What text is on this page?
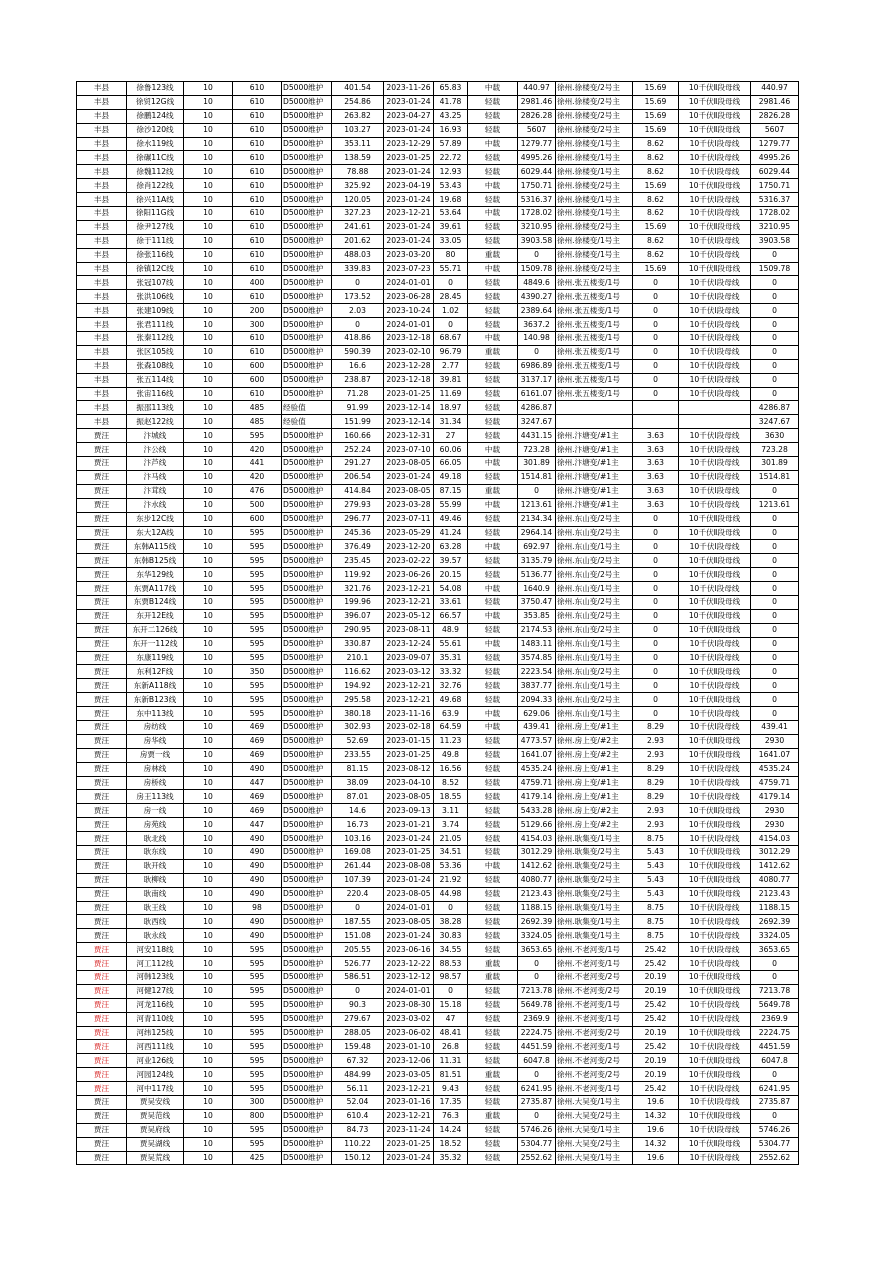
丰县	徐鲁123线	10	610	D5000维护	401.54	2023-11-26	65.83	中载	440.97	徐州.徐楼变/2号主	15.69	10千伏Ⅱ段母线	440.97
丰县	徐贸12G线	10	610	D5000维护	254.86	2023-01-24	41.78	轻载	2981.46	徐州.徐楼变/2号主	15.69	10千伏Ⅱ段母线	2981.46
丰县	徐鹏124线	10	610	D5000维护	263.82	2023-04-27	43.25	轻载	2826.28	徐州.徐楼变/2号主	15.69	10千伏Ⅱ段母线	2826.28
丰县	徐沙120线	10	610	D5000维护	103.27	2023-01-24	16.93	轻载	5607	徐州.徐楼变/2号主	15.69	10千伏Ⅱ段母线	5607
丰县	徐水119线	10	610	D5000维护	353.11	2023-12-29	57.89	中载	1279.77	徐州.徐楼变/1号主	8.62	10千伏Ⅰ段母线	1279.77
丰县	徐碾11C线	10	610	D5000维护	138.59	2023-01-25	22.72	轻载	4995.26	徐州.徐楼变/1号主	8.62	10千伏Ⅰ段母线	4995.26
丰县	徐魏112线	10	610	D5000维护	78.88	2023-01-24	12.93	轻载	6029.44	徐州.徐楼变/1号主	8.62	10千伏Ⅰ段母线	6029.44
丰县	徐肖122线	10	610	D5000维护	325.92	2023-04-19	53.43	中载	1750.71	徐州.徐楼变/2号主	15.69	10千伏Ⅱ段母线	1750.71
丰县	徐兴11A线	10	610	D5000维护	120.05	2023-01-24	19.68	轻载	5316.37	徐州.徐楼变/1号主	8.62	10千伏Ⅰ段母线	5316.37
丰县	徐阳11G线	10	610	D5000维护	327.23	2023-12-21	53.64	中载	1728.02	徐州.徐楼变/1号主	8.62	10千伏Ⅰ段母线	1728.02
丰县	徐尹127线	10	610	D5000维护	241.61	2023-01-24	39.61	轻载	3210.95	徐州.徐楼变/2号主	15.69	10千伏Ⅱ段母线	3210.95
丰县	徐于111线	10	610	D5000维护	201.62	2023-01-24	33.05	轻载	3903.58	徐州.徐楼变/1号主	8.62	10千伏Ⅰ段母线	3903.58
丰县	徐张116线	10	610	D5000维护	488.03	2023-03-20	80	重载	0	徐州.徐楼变/1号主	8.62	10千伏Ⅰ段母线	0
丰县	徐镇12C线	10	610	D5000维护	339.83	2023-07-23	55.71	中载	1509.78	徐州.徐楼变/2号主	15.69	10千伏Ⅱ段母线	1509.78
丰县	张冠107线	10	400	D5000维护	0	2024-01-01	0	轻载	4849.6	徐州.张五楼变/1号	0	10千伏Ⅰ段母线	0
丰县	张洪106线	10	610	D5000维护	173.52	2023-06-28	28.45	轻载	4390.27	徐州.张五楼变/1号	0	10千伏Ⅰ段母线	0
丰县	张建109线	10	200	D5000维护	2.03	2023-10-24	1.02	轻载	2389.64	徐州.张五楼变/1号	0	10千伏Ⅰ段母线	0
丰县	张君111线	10	300	D5000维护	0	2024-01-01	0	轻载	3637.2	徐州.张五楼变/1号	0	10千伏Ⅰ段母线	0
丰县	张秦112线	10	610	D5000维护	418.86	2023-12-18	68.67	中载	140.98	徐州.张五楼变/1号	0	10千伏Ⅰ段母线	0
丰县	张区105线	10	610	D5000维护	590.39	2023-02-10	96.79	重载	0	徐州.张五楼变/1号	0	10千伏Ⅰ段母线	0
丰县	张森108线	10	600	D5000维护	16.6	2023-12-28	2.77	轻载	6986.89	徐州.张五楼变/1号	0	10千伏Ⅰ段母线	0
丰县	张五114线	10	600	D5000维护	238.87	2023-12-18	39.81	轻载	3137.17	徐州.张五楼变/1号	0	10千伏Ⅰ段母线	0
丰县	张宙116线	10	610	D5000维护	71.28	2023-01-25	11.69	轻载	6161.07	徐州.张五楼变/1号	0	10千伏Ⅰ段母线	0
丰县	振邵113线	10	485	经验值	91.99	2023-12-14	18.97	轻载	4286.87				4286.87
丰县	振赵122线	10	485	经验值	151.99	2023-12-14	31.34	轻载	3247.67				3247.67
贾汪	汴城线	10	595	D5000维护	160.66	2023-12-31	27	轻载	4431.15	徐州.汴塘变/#1主	3.63	10千伏Ⅰ段母线	3630
贾汪	汴公线	10	420	D5000维护	252.24	2023-07-10	60.06	中载	723.28	徐州.汴塘变/#1主	3.63	10千伏Ⅰ段母线	723.28
贾汪	汴芦线	10	441	D5000维护	291.27	2023-08-05	66.05	中载	301.89	徐州.汴塘变/#1主	3.63	10千伏Ⅰ段母线	301.89
贾汪	汴马线	10	420	D5000维护	206.54	2023-01-24	49.18	轻载	1514.81	徐州.汴塘变/#1主	3.63	10千伏Ⅰ段母线	1514.81
贾汪	汴茸线	10	476	D5000维护	414.84	2023-08-05	87.15	重载	0	徐州.汴塘变/#1主	3.63	10千伏Ⅰ段母线	0
贾汪	汴水线	10	500	D5000维护	279.93	2023-03-28	55.99	中载	1213.61	徐州.汴塘变/#1主	3.63	10千伏Ⅰ段母线	1213.61
贾汪	东步12C线	10	600	D5000维护	296.77	2023-07-11	49.46	轻载	2134.34	徐州.东山变/2号主	0	10千伏Ⅱ段母线	0
贾汪	东大12A线	10	595	D5000维护	245.36	2023-05-29	41.24	轻载	2964.14	徐州.东山变/2号主	0	10千伏Ⅱ段母线	0
贾汪	东韩A115线	10	595	D5000维护	376.49	2023-12-20	63.28	中载	692.97	徐州.东山变/1号主	0	10千伏Ⅰ段母线	0
贾汪	东韩B125线	10	595	D5000维护	235.45	2023-02-22	39.57	轻载	3135.79	徐州.东山变/2号主	0	10千伏Ⅱ段母线	0
贾汪	东华129线	10	595	D5000维护	119.92	2023-06-26	20.15	轻载	5136.77	徐州.东山变/2号主	0	10千伏Ⅱ段母线	0
贾汪	东贾A117线	10	595	D5000维护	321.76	2023-12-21	54.08	中载	1640.9	徐州.东山变/1号主	0	10千伏Ⅰ段母线	0
贾汪	东贾B124线	10	595	D5000维护	199.96	2023-12-21	33.61	轻载	3750.47	徐州.东山变/2号主	0	10千伏Ⅱ段母线	0
贾汪	东开12E线	10	595	D5000维护	396.07	2023-05-12	66.57	中载	353.85	徐州.东山变/2号主	0	10千伏Ⅱ段母线	0
贾汪	东开二126线	10	595	D5000维护	290.95	2023-08-11	48.9	轻载	2174.53	徐州.东山变/2号主	0	10千伏Ⅱ段母线	0
贾汪	东开一112线	10	595	D5000维护	330.87	2023-12-24	55.61	中载	1483.11	徐州.东山变/1号主	0	10千伏Ⅰ段母线	0
贾汪	东康119线	10	595	D5000维护	210.1	2023-09-07	35.31	轻载	3574.85	徐州.东山变/1号主	0	10千伏Ⅰ段母线	0
贾汪	东利12F线	10	350	D5000维护	116.62	2023-03-12	33.32	轻载	2223.54	徐州.东山变/2号主	0	10千伏Ⅱ段母线	0
贾汪	东新A118线	10	595	D5000维护	194.92	2023-12-21	32.76	轻载	3837.77	徐州.东山变/1号主	0	10千伏Ⅰ段母线	0
贾汪	东新B123线	10	595	D5000维护	295.58	2023-12-21	49.68	轻载	2094.33	徐州.东山变/2号主	0	10千伏Ⅱ段母线	0
贾汪	东中113线	10	595	D5000维护	380.18	2023-11-16	63.9	中载	629.06	徐州.东山变/1号主	0	10千伏Ⅰ段母线	0
贾汪	房纺线	10	469	D5000维护	302.93	2023-02-18	64.59	中载	439.41	徐州.房上变/#1主	8.29	10千伏Ⅰ段母线	439.41
贾汪	房华线	10	469	D5000维护	52.69	2023-01-15	11.23	轻载	4773.57	徐州.房上变/#2主	2.93	10千伏Ⅱ段母线	2930
贾汪	房贾一线	10	469	D5000维护	233.55	2023-01-25	49.8	轻载	1641.07	徐州.房上变/#2主	2.93	10千伏Ⅱ段母线	1641.07
贾汪	房林线	10	490	D5000维护	81.15	2023-08-12	16.56	轻载	4535.24	徐州.房上变/#1主	8.29	10千伏Ⅰ段母线	4535.24
贾汪	房桥线	10	447	D5000维护	38.09	2023-04-10	8.52	轻载	4759.71	徐州.房上变/#1主	8.29	10千伏Ⅰ段母线	4759.71
贾汪	房王113线	10	469	D5000维护	87.01	2023-08-05	18.55	轻载	4179.14	徐州.房上变/#1主	8.29	10千伏Ⅰ段母线	4179.14
贾汪	房一线	10	469	D5000维护	14.6	2023-09-13	3.11	轻载	5433.28	徐州.房上变/#2主	2.93	10千伏Ⅱ段母线	2930
贾汪	房苑线	10	447	D5000维护	16.73	2023-01-21	3.74	轻载	5129.66	徐州.房上变/#2主	2.93	10千伏Ⅱ段母线	2930
贾汪	耿北线	10	490	D5000维护	103.16	2023-01-24	21.05	轻载	4154.03	徐州.耿集变/1号主	8.75	10千伏Ⅰ段母线	4154.03
贾汪	耿东线	10	490	D5000维护	169.08	2023-01-25	34.51	轻载	3012.29	徐州.耿集变/2号主	5.43	10千伏Ⅱ段母线	3012.29
贾汪	耿开线	10	490	D5000维护	261.44	2023-08-08	53.36	中载	1412.62	徐州.耿集变/2号主	5.43	10千伏Ⅱ段母线	1412.62
贾汪	耿柳线	10	490	D5000维护	107.39	2023-01-24	21.92	轻载	4080.77	徐州.耿集变/2号主	5.43	10千伏Ⅱ段母线	4080.77
贾汪	耿南线	10	490	D5000维护	220.4	2023-08-05	44.98	轻载	2123.43	徐州.耿集变/2号主	5.43	10千伏Ⅱ段母线	2123.43
贾汪	耿王线	10	98	D5000维护	0	2024-01-01	0	轻载	1188.15	徐州.耿集变/1号主	8.75	10千伏Ⅰ段母线	1188.15
贾汪	耿西线	10	490	D5000维护	187.55	2023-08-05	38.28	轻载	2692.39	徐州.耿集变/1号主	8.75	10千伏Ⅰ段母线	2692.39
贾汪	耿永线	10	490	D5000维护	151.08	2023-01-24	30.83	轻载	3324.05	徐州.耿集变/1号主	8.75	10千伏Ⅰ段母线	3324.05
贾汪	河安118线	10	595	D5000维护	205.55	2023-06-16	34.55	轻载	3653.65	徐州.不老河变/1号	25.42	10千伏Ⅰ段母线	3653.65
贾汪	河工112线	10	595	D5000维护	526.77	2023-12-22	88.53	重载	0	徐州.不老河变/1号	25.42	10千伏Ⅰ段母线	0
贾汪	河韩123线	10	595	D5000维护	586.51	2023-12-12	98.57	重载	0	徐州.不老河变/2号	20.19	10千伏Ⅱ段母线	0
贾汪	河健127线	10	595	D5000维护	0	2024-01-01	0	轻载	7213.78	徐州.不老河变/2号	20.19	10千伏Ⅱ段母线	7213.78
贾汪	河龙116线	10	595	D5000维护	90.3	2023-08-30	15.18	轻载	5649.78	徐州.不老河变/1号	25.42	10千伏Ⅰ段母线	5649.78
贾汪	河青110线	10	595	D5000维护	279.67	2023-03-02	47	轻载	2369.9	徐州.不老河变/1号	25.42	10千伏Ⅰ段母线	2369.9
贾汪	河纬125线	10	595	D5000维护	288.05	2023-06-02	48.41	轻载	2224.75	徐州.不老河变/2号	20.19	10千伏Ⅱ段母线	2224.75
贾汪	河西111线	10	595	D5000维护	159.48	2023-01-10	26.8	轻载	4451.59	徐州.不老河变/1号	25.42	10千伏Ⅰ段母线	4451.59
贾汪	河业126线	10	595	D5000维护	67.32	2023-12-06	11.31	轻载	6047.8	徐州.不老河变/2号	20.19	10千伏Ⅱ段母线	6047.8
贾汪	河园124线	10	595	D5000维护	484.99	2023-03-05	81.51	重载	0	徐州.不老河变/2号	20.19	10千伏Ⅱ段母线	0
贾汪	河中117线	10	595	D5000维护	56.11	2023-12-21	9.43	轻载	6241.95	徐州.不老河变/1号	25.42	10千伏Ⅰ段母线	6241.95
贾汪	贾吴安线	10	300	D5000维护	52.04	2023-01-16	17.35	轻载	2735.87	徐州.大吴变/1号主	19.6	10千伏Ⅰ段母线	2735.87
贾汪	贾吴范线	10	800	D5000维护	610.4	2023-12-21	76.3	重载	0	徐州.大吴变/2号主	14.32	10千伏Ⅱ段母线	0
贾汪	贾吴府线	10	595	D5000维护	84.73	2023-11-24	14.24	轻载	5746.26	徐州.大吴变/1号主	19.6	10千伏Ⅰ段母线	5746.26
贾汪	贾吴湖线	10	595	D5000维护	110.22	2023-01-25	18.52	轻载	5304.77	徐州.大吴变/2号主	14.32	10千伏Ⅱ段母线	5304.77
贾汪	贾吴荒线	10	425	D5000维护	150.12	2023-01-24	35.32	轻载	2552.62	徐州.大吴变/1号主	19.6	10千伏Ⅰ段母线	2552.62
